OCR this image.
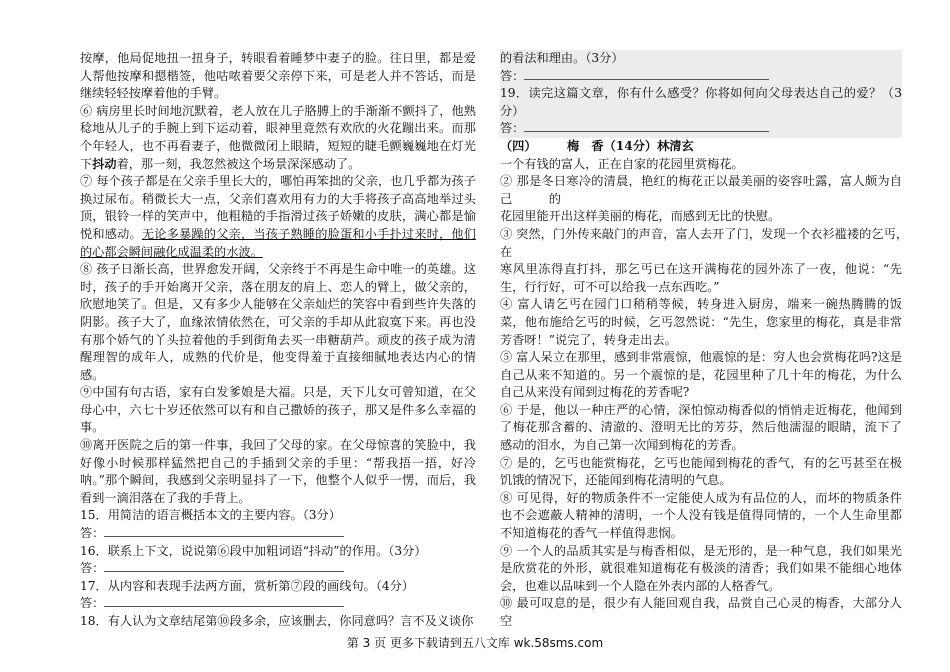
按摩，他局促地扭一扭身子，转眼看着睡梦中妻子的脸。往日里，都是爱人帮他按摩和摁楷签，他咕哝着要父亲停下来，可是老人并不答话，而是继续轻轻按摩着他的手臂。

⑥ 病房里长时间地沉默着，老人放在儿子胳膊上的手渐渐不颤抖了，他熟稔地从儿子的手腕上到下运动着，眼神里竟然有欢欣的火花蹦出来。而那个年轻人，也不再看妻子，他微微闭上眼睛，短短的睫毛颤巍巍地在灯光下抖动着，那一刻，我忽然被这个场景深深感动了。

⑦ 每个孩子都是在父亲手里长大的，哪怕再笨拙的父亲，也几乎都为孩子换过尿布。稍微长大一点，父亲们喜欢用有力的大手将孩子高高地举过头顶，银铃一样的笑声中，他粗糙的手指滑过孩子娇嫩的皮肤，满心都是愉悦和感动。无论多暴躁的父亲，当孩子熟睡的脸蛋和小手扑过来时，他们的心都会瞬间融化成温柔的水波。

⑧ 孩子日渐长高，世界愈发开阔，父亲终于不再是生命中唯一的英雄。这时，孩子的手开始离开父亲，落在朋友的肩上、恋人的臂上，做父亲的，欣慰地笑了。但是，又有多少人能够在父亲灿烂的笑容中看到些许失落的阴影。孩子大了，血缘浓情依然在，可父亲的手却从此寂寞下来。再也没有那个娇气的丫头拉着他的手到街角去买一串糖葫芦。顽皮的孩子成为清醒理智的成年人，成熟的代价是，他变得羞于直接细腻地表达内心的情感。

⑨中国有句古语，家有白发爹娘是大福。只是，天下儿女可曾知道，在父母心中，六七十岁还依然可以有和自己撒娇的孩子，那又是件多么幸福的事。

⑩离开医院之后的第一件事，我回了父母的家。在父母惊喜的笑脸中，我好像小时候那样猛然把自己的手插到父亲的手里：“帮我捂一捂，好冷呐。”那个瞬间，我感到父亲明显抖了一下，他整个人似乎一愣，而后，我看到一滴泪落在了我的手背上。

15．用简洁的语言概括本文的主要内容。（3分）

答：

16．联系上下文，说说第⑥段中加粗词语“抖动”的作用。（3分）

答：

17．从内容和表现手法两方面，赏析第⑦段的画线句。（4分）

答：

18．有人认为文章结尾第⑩段多余，应该删去，你同意吗？言不及义谈你

的看法和理由。（3分）

答：

19．读完这篇文章，你有什么感受？你将如何向父母表达自己的爱？（3分）

答：

（四）　　　梅　香（14分）林清玄

一个有钱的富人，正在自家的花园里赏梅花。

② 那是冬日寒冷的清晨，艳红的梅花正以最美丽的姿容吐露，富人颇为自己　　　的

花园里能开出这样美丽的梅花，而感到无比的快慰。

③ 突然，门外传来敲门的声音，富人去开了门，发现一个衣衫褴褛的乞丐，　　在

寒风里冻得直打抖，那乞丐已在这开满梅花的园外冻了一夜，他说：“先生，行行好，可不可以给我一点东西吃。”

④ 富人请乞丐在园门口稍稍等候，转身进入厨房，端来一碗热腾腾的饭菜，他布施给乞丐的时候，乞丐忽然说：“先生，您家里的梅花，真是非常芳香呀！”说完了，转身走出去。

⑤ 富人呆立在那里，感到非常震惊，他震惊的是：穷人也会赏梅花吗?这是自己从来不知道的。另一个震惊的是，花园里种了几十年的梅花，为什么自己从来没有闻到过梅花的芳香呢?

⑥ 于是，他以一种庄严的心情，深怕惊动梅香似的悄悄走近梅花，他闻到了梅花那含蓄的、清澈的、澄明无比的芳芬，然后他濡湿的眼睛，流下了感动的泪水，为自己第一次闻到梅花的芳香。

⑦ 是的，乞丐也能赏梅花，乞丐也能闻到梅花的香气，有的乞丐甚至在极饥饿的情况下，还能闻到梅花清明的气息。

⑧ 可见得，好的物质条件不一定能使人成为有品位的人，而坏的物质条件也不会遮蔽人精神的清明，一个人没有钱是值得同情的，一个人生命里都不知道梅花的香气一样值得悲悯。

⑨ 一个人的品质其实是与梅香相似，是无形的，是一种气息，我们如果光是欣赏花的外形，就很难知道梅花有极淡的清香；我们如果不能细心地体会，也难以品味到一个人隐在外表内部的人格香气。

⑩ 最可叹息的是，很少有人能回观自我，品赏自己心灵的梅香，大部分人空

第 3 页 更多下载请到五八文库 wk.58sms.com
